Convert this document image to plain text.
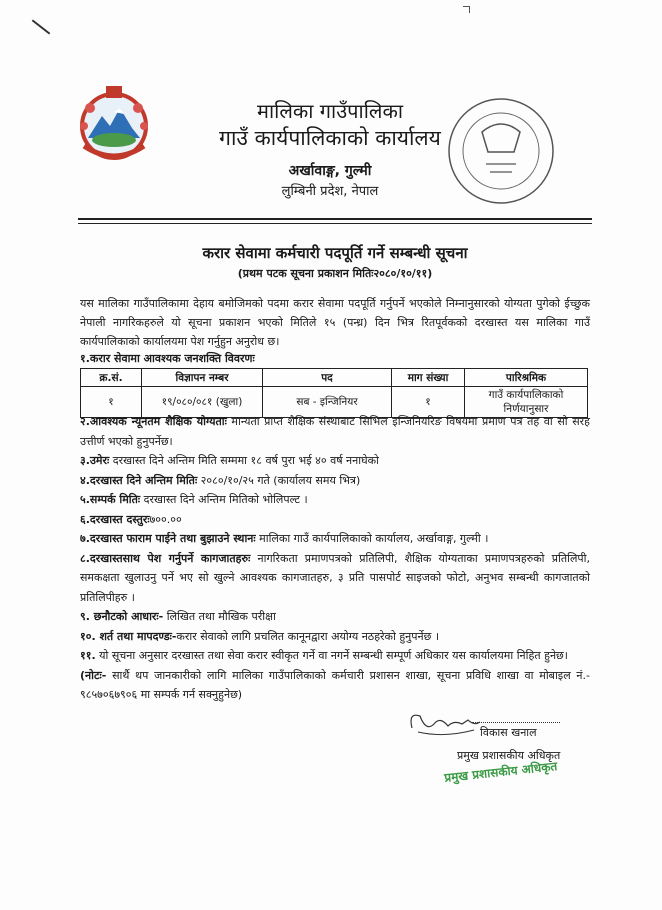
मालिका गाउँपालिका
गाउँ कार्यपालिकाको कार्यालय
अर्खावाङ्ग, गुल्मी
लुम्बिनी प्रदेश, नेपाल
करार सेवामा कर्मचारी पदपूर्ति गर्ने सम्बन्धी सूचना
(प्रथम पटक सूचना प्रकाशन मितिः२०८०/१०/११)
यस मालिका गाउँपालिकामा देहाय बमोजिमको पदमा करार सेवामा पदपूर्ति गर्नुपर्ने भएकोले निम्नानुसारको योग्यता पुगेको ईच्छुक नेपाली नागरिकहरुले यो सूचना प्रकाशन भएको मितिले १५ (पन्ध्र) दिन भित्र रितपूर्वकको दरखास्त यस मालिका गाउँ कार्यपालिकाको कार्यालयमा पेश गर्नुहुन अनुरोध छ।
१.करार सेवामा आवश्यक जनशक्ति विवरणः
क्र.सं.	विज्ञापन नम्बर	पद	माग संख्या	पारिश्रमिक
१	१९/०८०/०८१ (खुला)	सब - इन्जिनियर	१	गाउँ कार्यपालिकाको निर्णयानुसार

२.आवश्यक न्यूनतम शैक्षिक योग्यताः मान्यता प्राप्त शैक्षिक संस्थाबाट सिभिल इन्जिनियरिङ विषयमा प्रमाण पत्र तह वा सो सरह उत्तीर्ण भएको हुनुपर्नेछ।

३.उमेरः दरखास्त दिने अन्तिम मिति सम्ममा १८ वर्ष पुरा भई ४० वर्ष ननाघेको

४.दरखास्त दिने अन्तिम मितिः २०८०/१०/२५ गते (कार्यालय समय भित्र)

५.सम्पर्क मितिः दरखास्त दिने अन्तिम मितिको भोलिपल्ट ।

६.दरखास्त दस्तुरः७००.००

७.दरखास्त फाराम पाईने तथा बुझाउने स्थानः मालिका गाउँ कार्यपालिकाको कार्यालय, अर्खावाङ्ग, गुल्मी ।

८.दरखास्तसाथ पेश गर्नुपर्ने कागजातहरुः नागरिकता प्रमाणपत्रको प्रतिलिपी, शैक्षिक योग्यताका प्रमाणपत्रहरुको प्रतिलिपी, समकक्षता खुलाउनु पर्ने भए सो खुल्ने आवश्यक कागजातहरु, ३ प्रति पासपोर्ट साइजको फोटो, अनुभव सम्बन्धी कागजातको प्रतिलिपीहरु ।

९. छनौटको आधारः- लिखित तथा मौखिक परीक्षा

१०. शर्त तथा मापदण्डः-करार सेवाको लागि प्रचलित कानूनद्वारा अयोग्य नठहरेको हुनुपर्नेछ ।

११. यो सूचना अनुसार दरखास्त तथा सेवा करार स्वीकृत गर्ने वा नगर्ने सम्बन्धी सम्पूर्ण अधिकार यस कार्यालयमा निहित हुनेछ।

(नोटः- सार्थै थप जानकारीको लागि मालिका गाउँपालिकाको कर्मचारी प्रशासन शाखा, सूचना प्रविधि शाखा वा मोबाइल नं.- ९८५७०६७९०६ मा सम्पर्क गर्न सक्नुहुनेछ)

विकास खनाल
प्रमुख प्रशासकीय अधिकृत
प्रमुख प्रशासकीय अधिकृत
